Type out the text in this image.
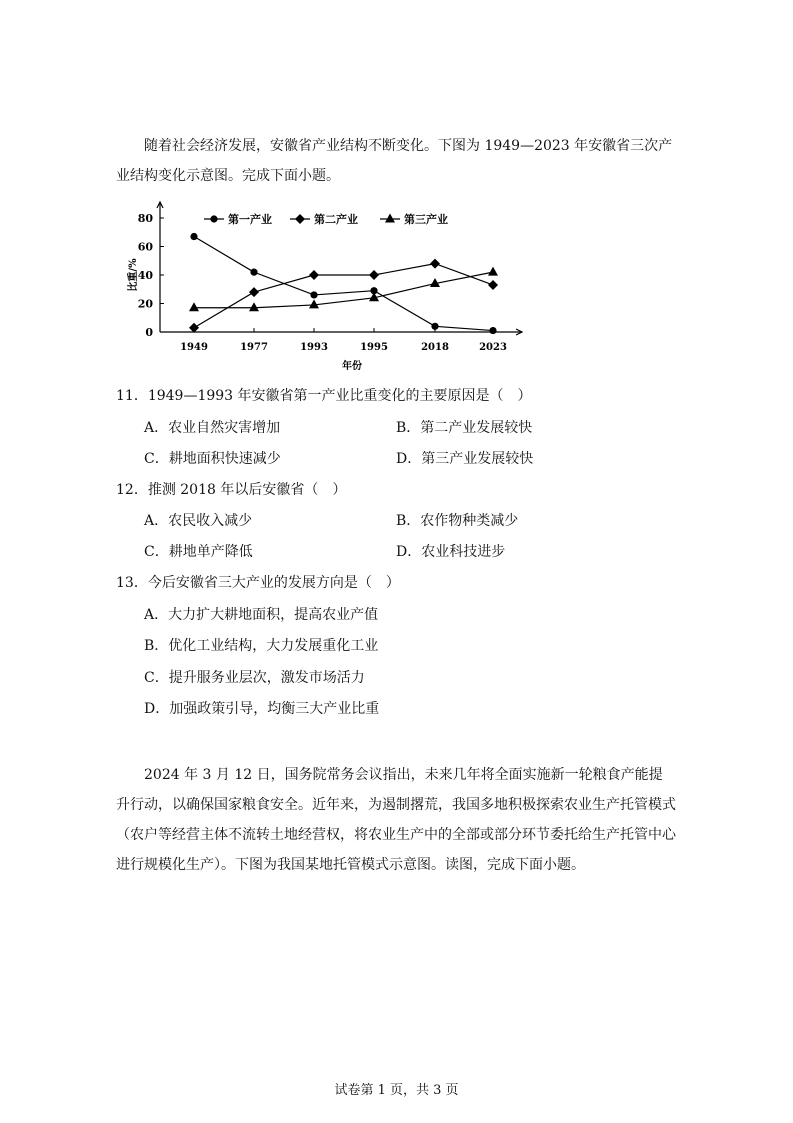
随着社会经济发展，安徽省产业结构不断变化。下图为 1949—2023 年安徽省三次产业结构变化示意图。完成下面小题。
0
20
40
60
80
1949	1977	1993	1995	2018	2023
年份
比重/%
第一产业	第二产业	第三产业
11．1949—1993 年安徽省第一产业比重变化的主要原因是（　）
A．农业自然灾害增加	B．第二产业发展较快
C．耕地面积快速减少	D．第三产业发展较快
12．推测 2018 年以后安徽省（　）
A．农民收入减少	B．农作物种类减少
C．耕地单产降低	D．农业科技进步
13．今后安徽省三大产业的发展方向是（　）
A．大力扩大耕地面积，提高农业产值
B．优化工业结构，大力发展重化工业
C．提升服务业层次，激发市场活力
D．加强政策引导，均衡三大产业比重
2024 年 3 月 12 日，国务院常务会议指出，未来几年将全面实施新一轮粮食产能提升行动，以确保国家粮食安全。近年来，为遏制撂荒，我国多地积极探索农业生产托管模式（农户等经营主体不流转土地经营权，将农业生产中的全部或部分环节委托给生产托管中心进行规模化生产）。下图为我国某地托管模式示意图。读图，完成下面小题。
试卷第 1 页，共 3 页
